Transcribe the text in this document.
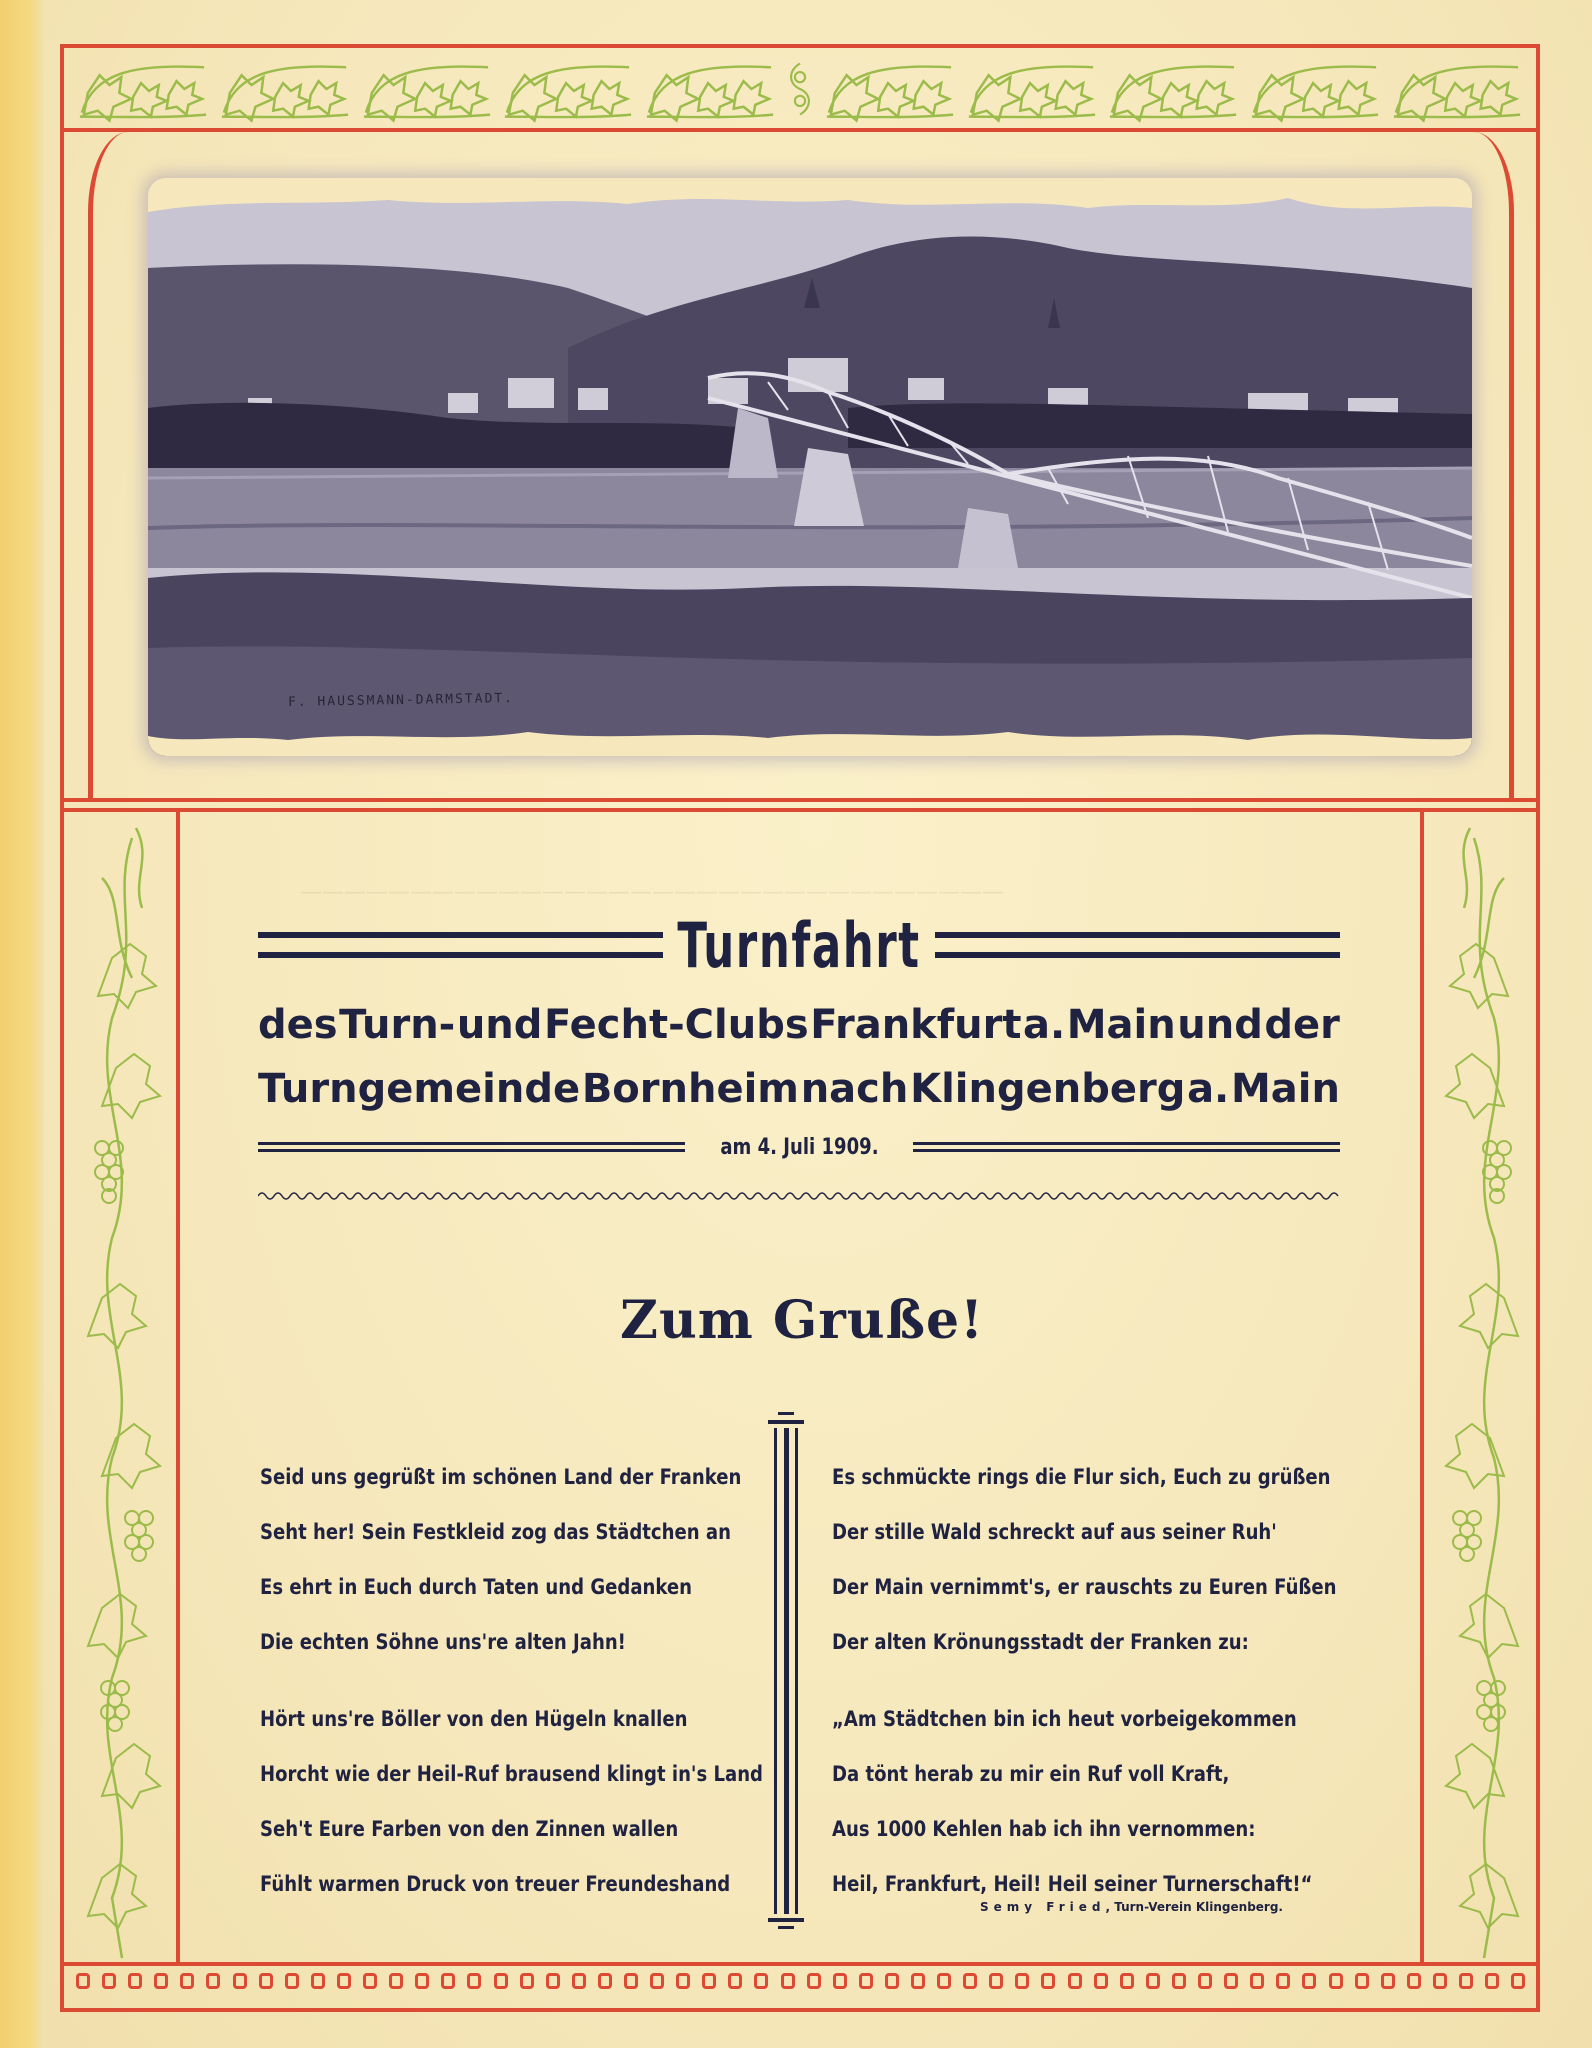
————————————————————————————————
F. HAUSSMANN-DARMSTADT.
Turnfahrt
des Turn- und Fecht-Clubs Frankfurt a. Main und der
Turngemeinde Bornheim nach Klingenberg a. Main
am 4. Juli 1909.
Zum Gruße!
Seid uns gegrüßt im schönen Land der Franken
Seht her! Sein Festkleid zog das Städtchen an
Es ehrt in Euch durch Taten und Gedanken
Die echten Söhne uns're alten Jahn!
Hört uns're Böller von den Hügeln knallen
Horcht wie der Heil-Ruf brausend klingt in's Land
Seh't Eure Farben von den Zinnen wallen
Fühlt warmen Druck von treuer Freundeshand
Es schmückte rings die Flur sich, Euch zu grüßen
Der stille Wald schreckt auf aus seiner Ruh'
Der Main vernimmt's, er rauschts zu Euren Füßen
Der alten Krönungsstadt der Franken zu:
„Am Städtchen bin ich heut vorbeigekommen
Da tönt herab zu mir ein Ruf voll Kraft,
Aus 1000 Kehlen hab ich ihn vernommen:
Heil, Frankfurt, Heil! Heil seiner Turnerschaft!“
Semy Fried, Turn-Verein Klingenberg.
